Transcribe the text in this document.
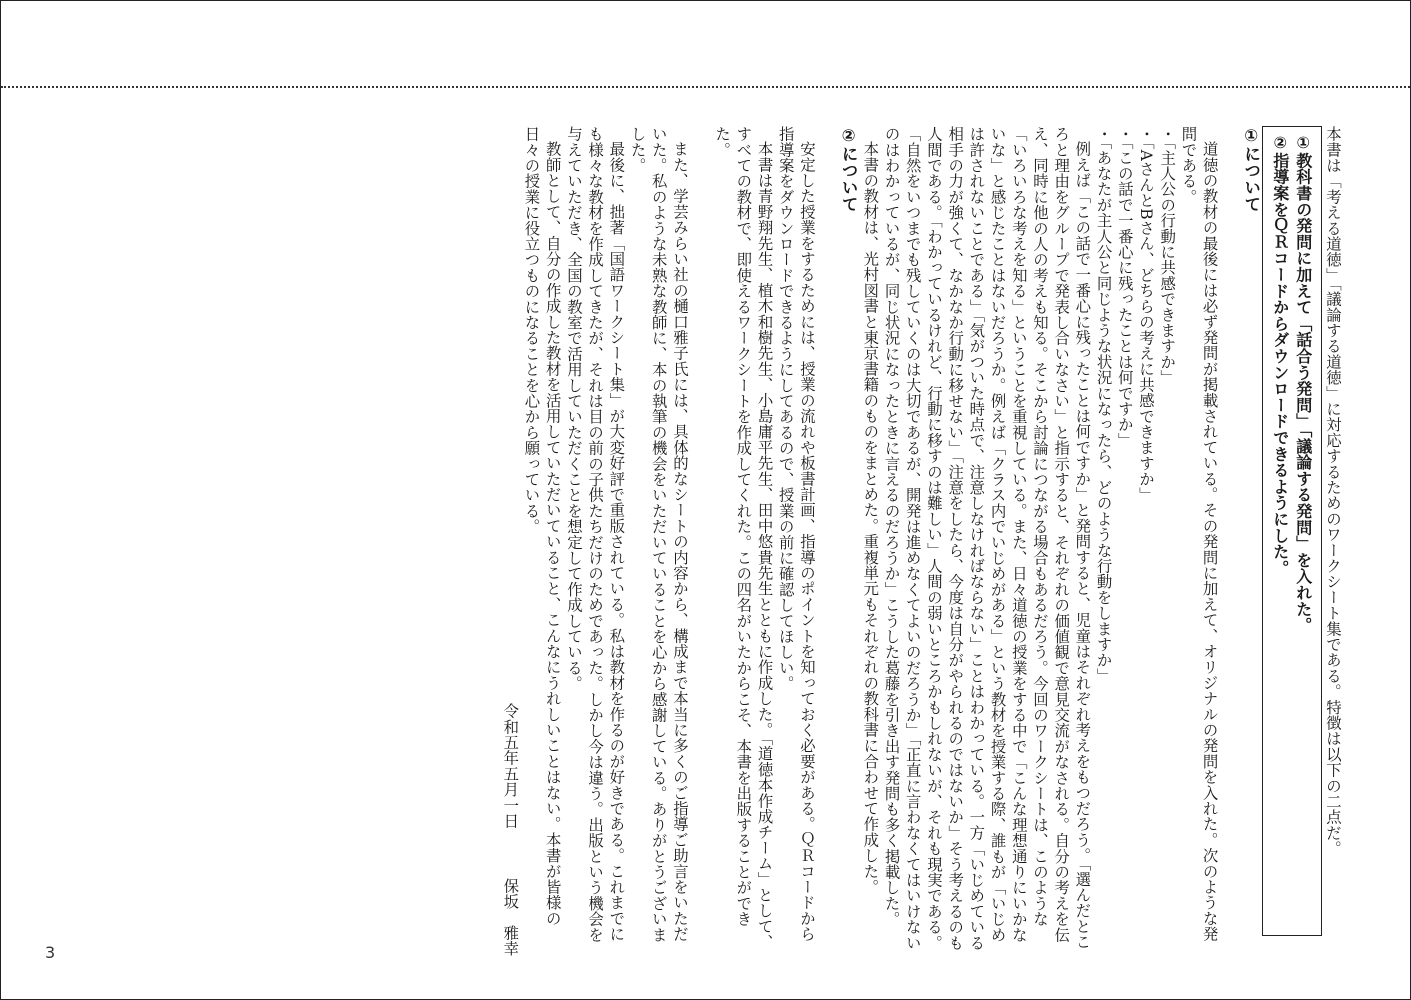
本書は「考える道徳」「議論する道徳」に対応するためのワークシート集である。特徴は以下の二点だ。

①教科書の発問に加えて「話合う発問」「議論する発問」を入れた。

②指導案をＱＲコードからダウンロードできるようにした。

①について

道徳の教材の最後には必ず発問が掲載されている。その発問に加えて、オリジナルの発問を入れた。次のような発問である。

・「主人公の行動に共感できますか」

・「AさんとBさん、どちらの考えに共感できますか」

・「この話で一番心に残ったことは何ですか」

・「あなたが主人公と同じような状況になったら、どのような行動をしますか」

例えば「この話で一番心に残ったことは何ですか」と発問すると、児童はそれぞれ考えをもつだろう。「選んだところと理由をグループで発表し合いなさい」と指示すると、それぞれの価値観で意見交流がなされる。自分の考えを伝え、同時に他の人の考えも知る。そこから討論につながる場合もあるだろう。今回のワークシートは、このような「いろいろな考えを知る」ということを重視している。また、日々道徳の授業をする中で「こんな理想通りにいかないな」と感じたことはないだろうか。例えば「クラス内でいじめがある」という教材を授業する際、誰もが「いじめは許されないことである」「気がついた時点で、注意しなければならない」ことはわかっている。一方「いじめている相手の力が強くて、なかなか行動に移せない」「注意をしたら、今度は自分がやられるのではないか」そう考えるのも人間である。「わかっているけれど、行動に移すのは難しい」人間の弱いところかもしれないが、それも現実である。「自然をいつまでも残していくのは大切であるが、開発は進めなくてよいのだろうか」「正直に言わなくてはいけないのはわかっているが、同じ状況になったときに言えるのだろうか」こうした葛藤を引き出す発問も多く掲載した。

本書の教材は、光村図書と東京書籍のものをまとめた。重複単元もそれぞれの教科書に合わせて作成した。

②について

安定した授業をするためには、授業の流れや板書計画、指導のポイントを知っておく必要がある。ＱＲコードから指導案をダウンロードできるようにしてあるので、授業の前に確認してほしい。

本書は青野翔先生、植木和樹先生、小島庸平先生、田中悠貴先生とともに作成した。「道徳本作成チーム」として、すべての教材で、即使えるワークシートを作成してくれた。この四名がいたからこそ、本書を出版することができた。

また、学芸みらい社の樋口雅子氏には、具体的なシートの内容から、構成まで本当に多くのご指導ご助言をいただいた。私のような未熟な教師に、本の執筆の機会をいただいていることを心から感謝している。ありがとうございました。

最後に、拙著「国語ワークシート集」が大変好評で重版されている。私は教材を作るのが好きである。これまでにも様々な教材を作成してきたが、それは目の前の子供たちだけのためであった。しかし今は違う。出版という機会を与えていただき、全国の教室で活用していただくことを想定して作成している。

教師として、自分の作成した教材を活用していただいていること、こんなにうれしいことはない。本書が皆様の日々の授業に役立つものになることを心から願っている。

令和五年五月一日保坂　雅幸

3
